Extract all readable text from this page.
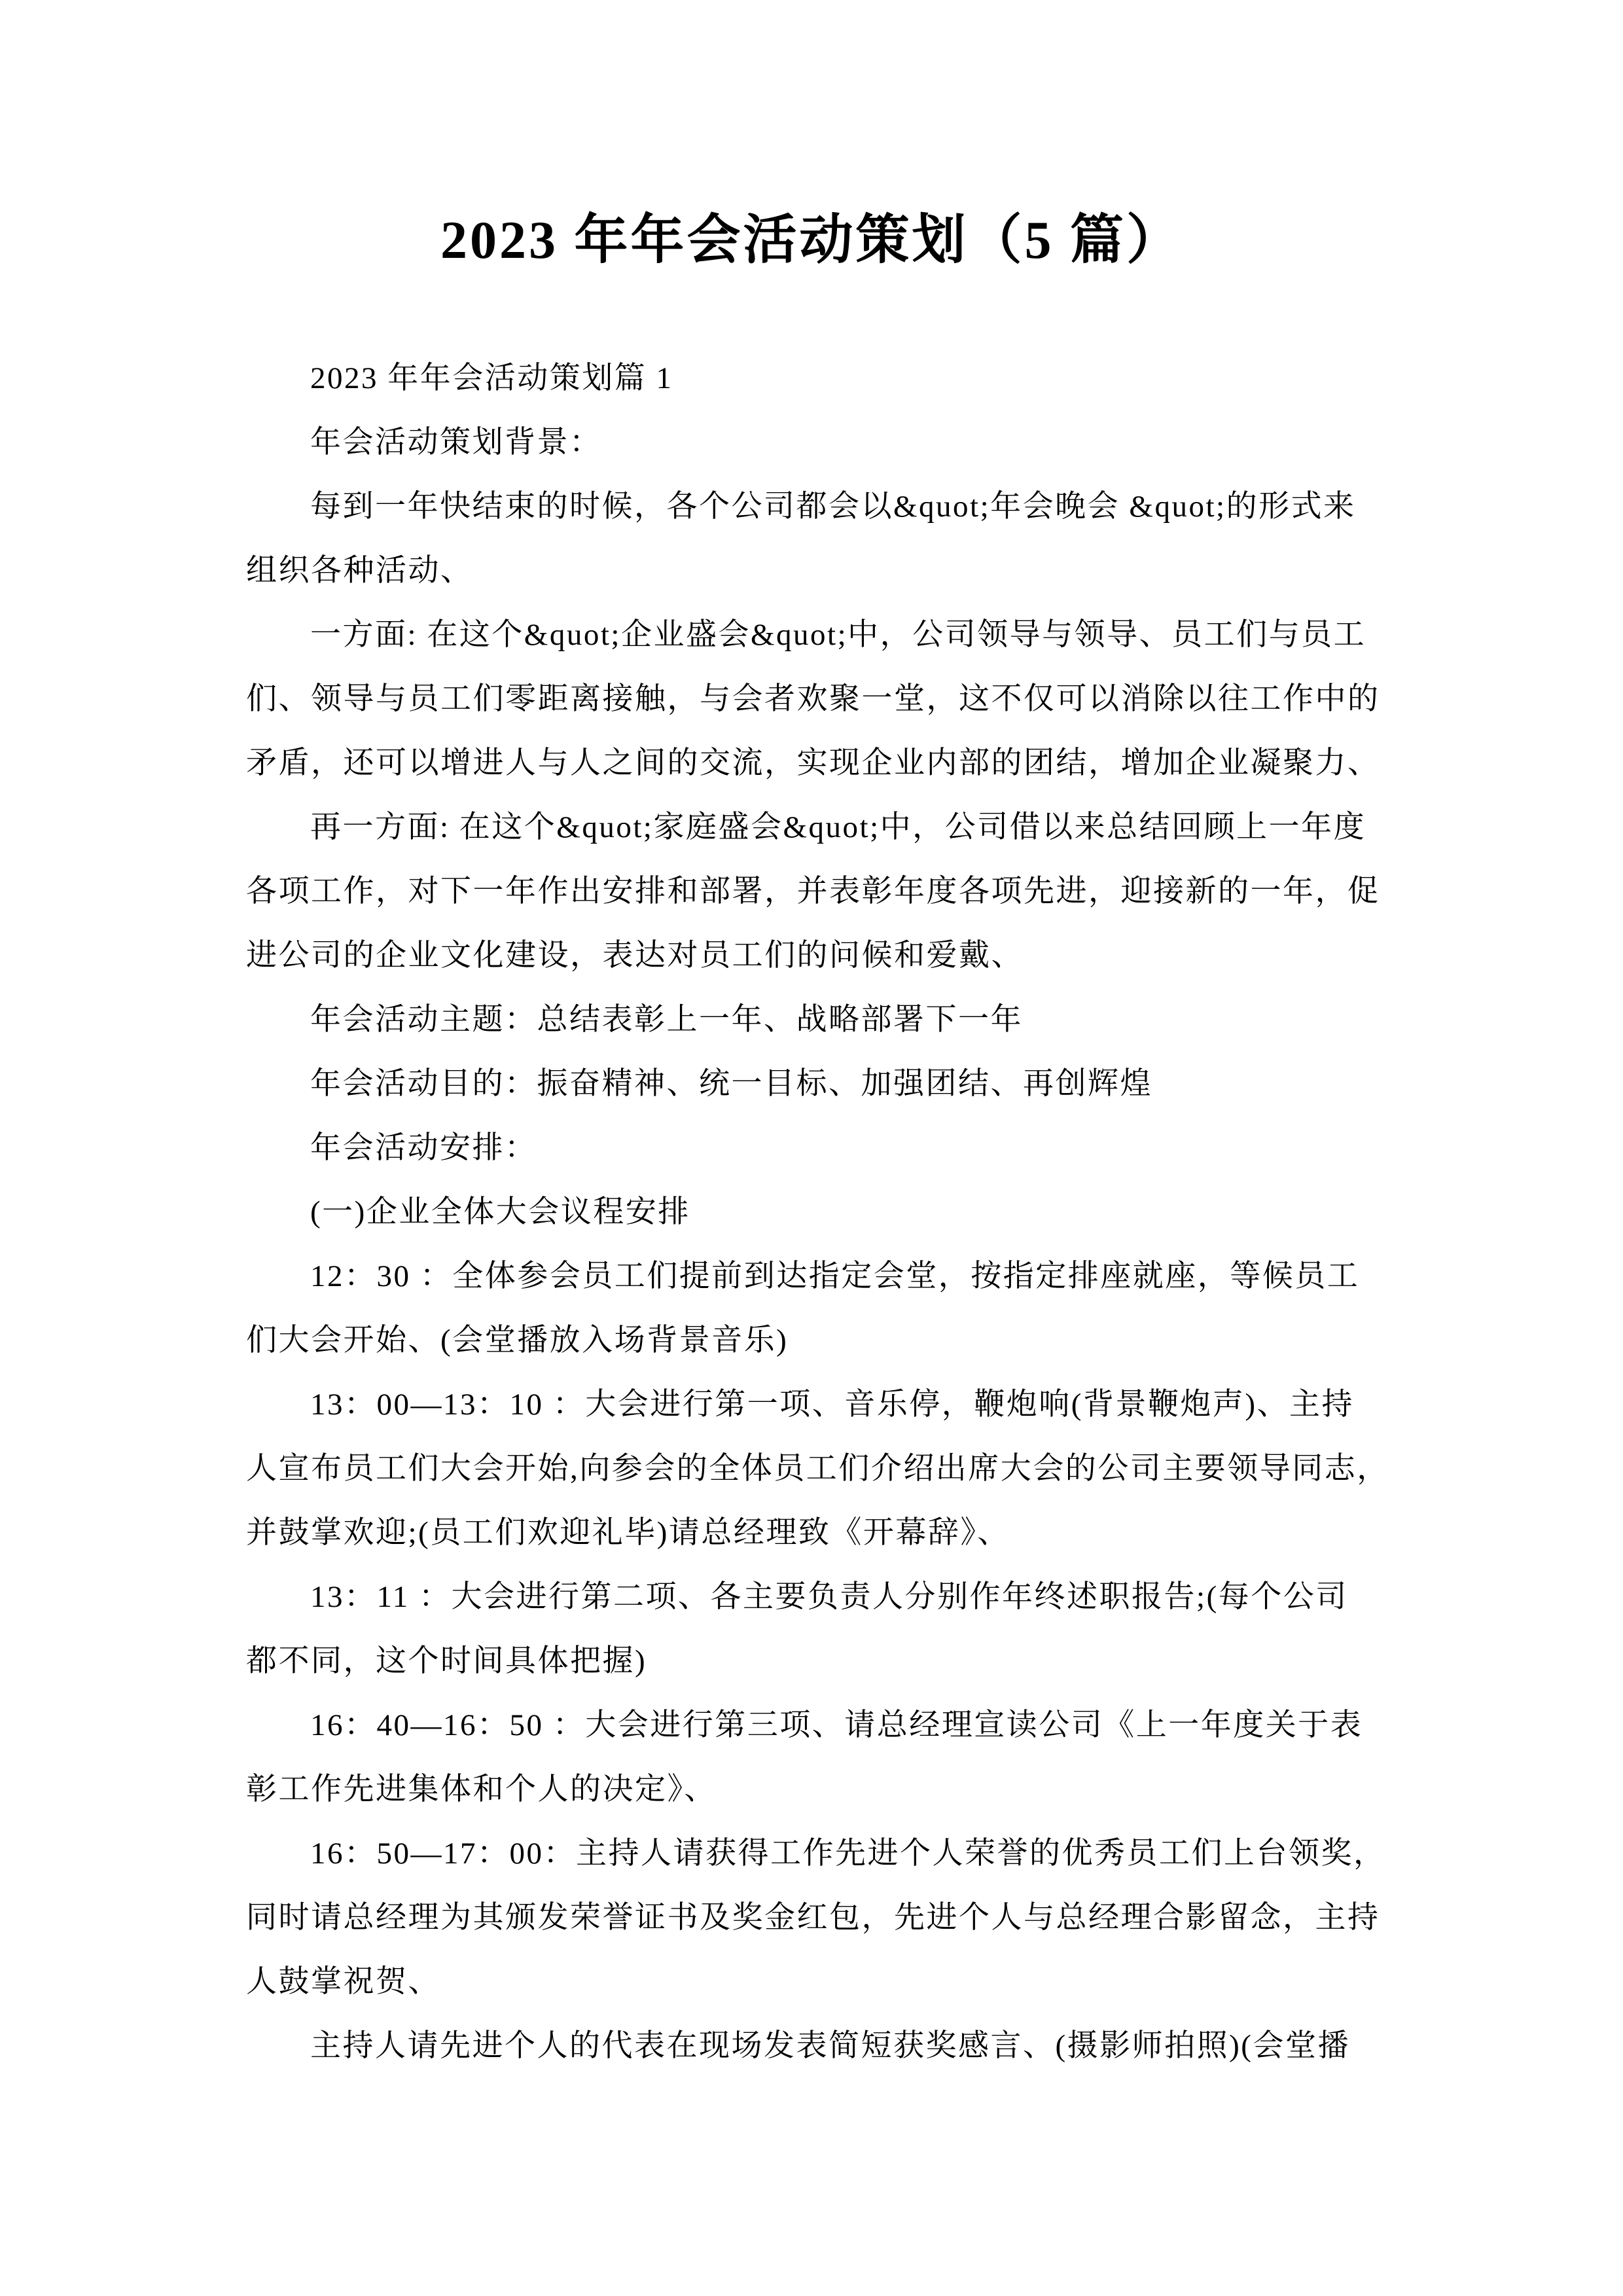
2023 年年会活动策划（5 篇）
2023 年年会活动策划篇 1
年会活动策划背景：
每到一年快结束的时候，各个公司都会以&quot;年会晚会 &quot;的形式来
组织各种活动、
一方面: 在这个&quot;企业盛会&quot;中，公司领导与领导、员工们与员工
们、领导与员工们零距离接触，与会者欢聚一堂，这不仅可以消除以往工作中的
矛盾，还可以增进人与人之间的交流，实现企业内部的团结，增加企业凝聚力、
再一方面: 在这个&quot;家庭盛会&quot;中，公司借以来总结回顾上一年度
各项工作，对下一年作出安排和部署，并表彰年度各项先进，迎接新的一年，促
进公司的企业文化建设，表达对员工们的问候和爱戴、
年会活动主题：总结表彰上一年、战略部署下一年
年会活动目的：振奋精神、统一目标、加强团结、再创辉煌
年会活动安排：
(一)企业全体大会议程安排
12：30 ：全体参会员工们提前到达指定会堂，按指定排座就座，等候员工
们大会开始、(会堂播放入场背景音乐)
13：00—13：10 ：大会进行第一项、音乐停，鞭炮响(背景鞭炮声)、主持
人宣布员工们大会开始,向参会的全体员工们介绍出席大会的公司主要领导同志，
并鼓掌欢迎;(员工们欢迎礼毕)请总经理致《开幕辞》、
13：11 ：大会进行第二项、各主要负责人分别作年终述职报告;(每个公司
都不同，这个时间具体把握)
16：40—16：50 ：大会进行第三项、请总经理宣读公司《上一年度关于表
彰工作先进集体和个人的决定》、
16：50—17：00：主持人请获得工作先进个人荣誉的优秀员工们上台领奖，
同时请总经理为其颁发荣誉证书及奖金红包，先进个人与总经理合影留念，主持
人鼓掌祝贺、
主持人请先进个人的代表在现场发表简短获奖感言、(摄影师拍照)(会堂播
